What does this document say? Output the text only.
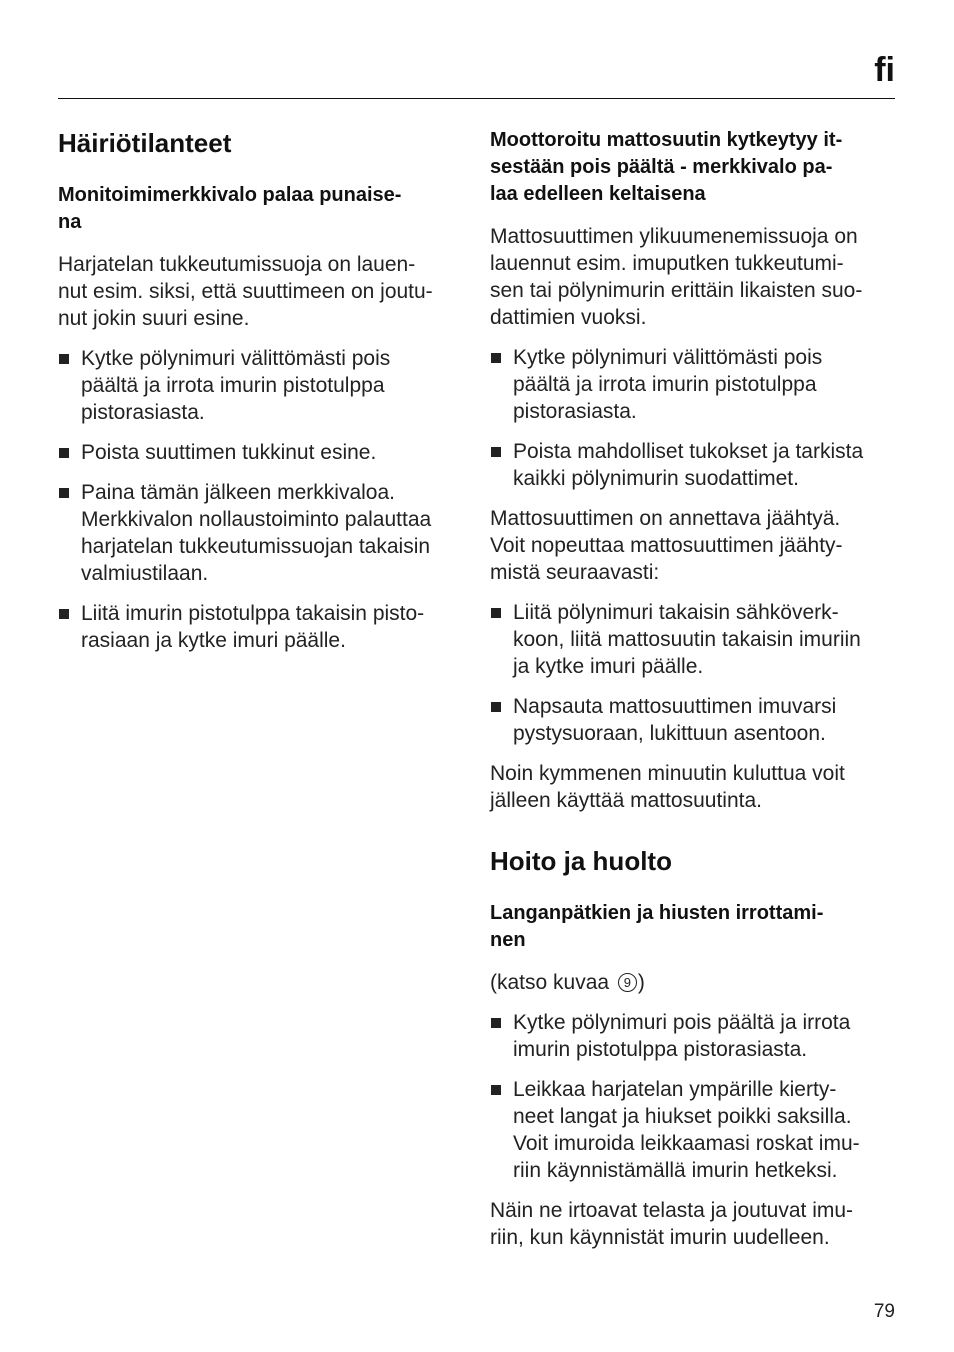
fi
Häiriötilanteet
Monitoimimerkkivalo palaa punaise-
na
Harjatelan tukkeutumissuoja on lauen-
nut esim. siksi, että suuttimeen on joutu-
nut jokin suuri esine.
Kytke pölynimuri välittömästi pois
päältä ja irrota imurin pistotulppa
pistorasiasta.
Poista suuttimen tukkinut esine.
Paina tämän jälkeen merkkivaloa.
Merkkivalon nollaustoiminto palauttaa
harjatelan tukkeutumissuojan takaisin
valmiustilaan.
Liitä imurin pistotulppa takaisin pisto-
rasiaan ja kytke imuri päälle.
Moottoroitu mattosuutin kytkeytyy it-
sestään pois päältä - merkkivalo pa-
laa edelleen keltaisena
Mattosuuttimen ylikuumenemissuoja on
lauennut esim. imuputken tukkeutumi-
sen tai pölynimurin erittäin likaisten suo-
dattimien vuoksi.
Kytke pölynimuri välittömästi pois
päältä ja irrota imurin pistotulppa
pistorasiasta.
Poista mahdolliset tukokset ja tarkista
kaikki pölynimurin suodattimet.
Mattosuuttimen on annettava jäähtyä.
Voit nopeuttaa mattosuuttimen jäähty-
mistä seuraavasti:
Liitä pölynimuri takaisin sähköverk-
koon, liitä mattosuutin takaisin imuriin
ja kytke imuri päälle.
Napsauta mattosuuttimen imuvarsi
pystysuoraan, lukittuun asentoon.
Noin kymmenen minuutin kuluttua voit
jälleen käyttää mattosuutinta.
Hoito ja huolto
Langanpätkien ja hiusten irrottami-
nen
(katso kuvaa 9 )
Kytke pölynimuri pois päältä ja irrota
imurin pistotulppa pistorasiasta.
Leikkaa harjatelan ympärille kierty-
neet langat ja hiukset poikki saksilla.
Voit imuroida leikkaamasi roskat imu-
riin käynnistämällä imurin hetkeksi.
Näin ne irtoavat telasta ja joutuvat imu-
riin, kun käynnistät imurin uudelleen.
79
